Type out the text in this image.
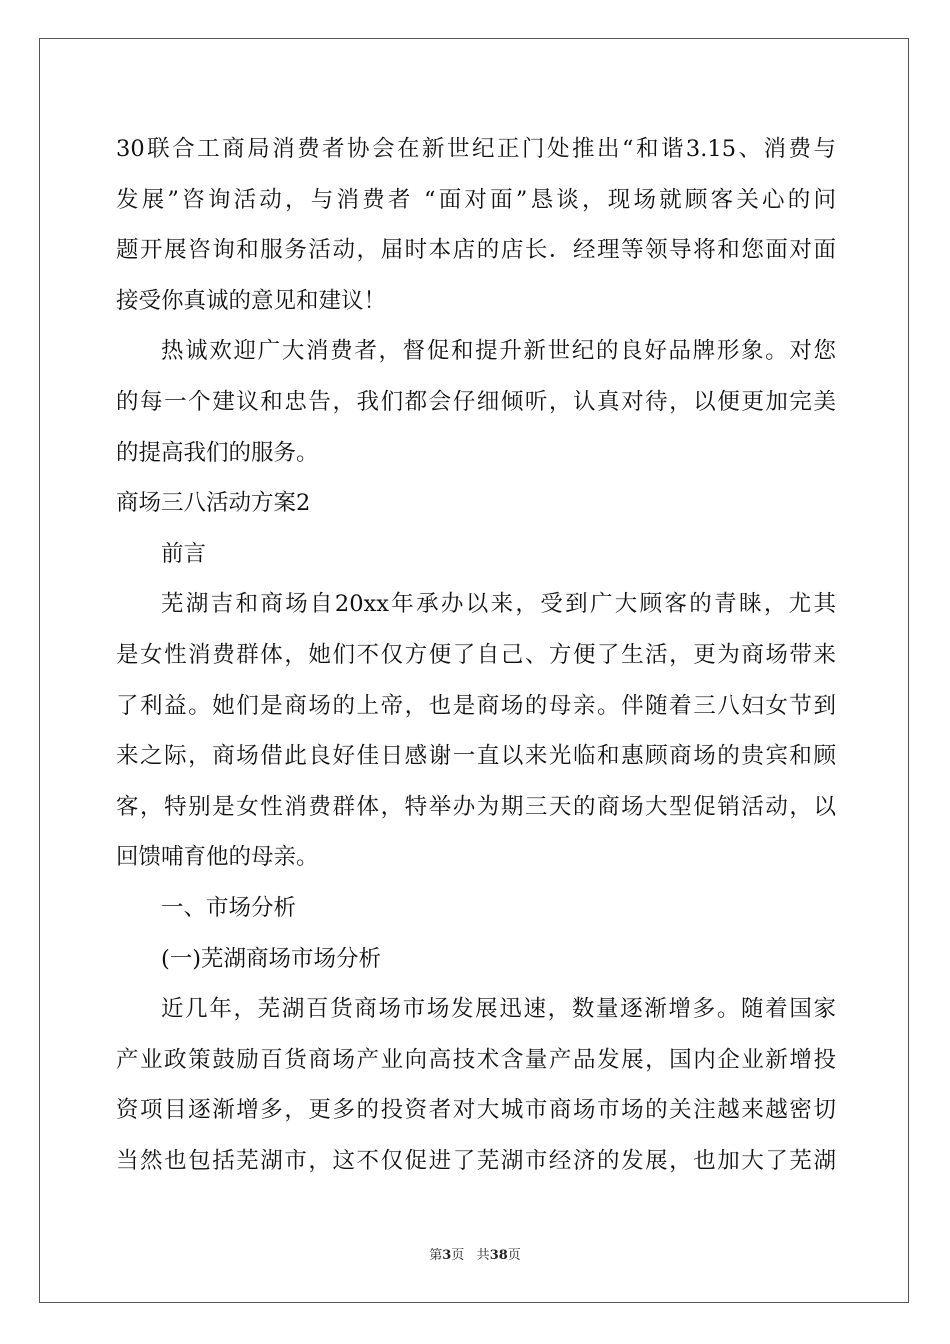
30联合工商局消费者协会在新世纪正门处推出“和谐3.15、消费与
发展”咨询活动，与消费者 “面对面”恳谈，现场就顾客关心的问
题开展咨询和服务活动，届时本店的店长．经理等领导将和您面对面
接受你真诚的意见和建议！
热诚欢迎广大消费者，督促和提升新世纪的良好品牌形象。对您
的每一个建议和忠告，我们都会仔细倾听，认真对待，以便更加完美
的提高我们的服务。
商场三八活动方案2
前言
芜湖吉和商场自20xx年承办以来，受到广大顾客的青睐，尤其
是女性消费群体，她们不仅方便了自己、方便了生活，更为商场带来
了利益。她们是商场的上帝，也是商场的母亲。伴随着三八妇女节到
来之际，商场借此良好佳日感谢一直以来光临和惠顾商场的贵宾和顾
客，特别是女性消费群体，特举办为期三天的商场大型促销活动，以
回馈哺育他的母亲。
一、市场分析
(一)芜湖商场市场分析
近几年，芜湖百货商场市场发展迅速，数量逐渐增多。随着国家
产业政策鼓励百货商场产业向高技术含量产品发展，国内企业新增投
资项目逐渐增多，更多的投资者对大城市商场市场的关注越来越密切
当然也包括芜湖市，这不仅促进了芜湖市经济的发展，也加大了芜湖
第3页 共38页
